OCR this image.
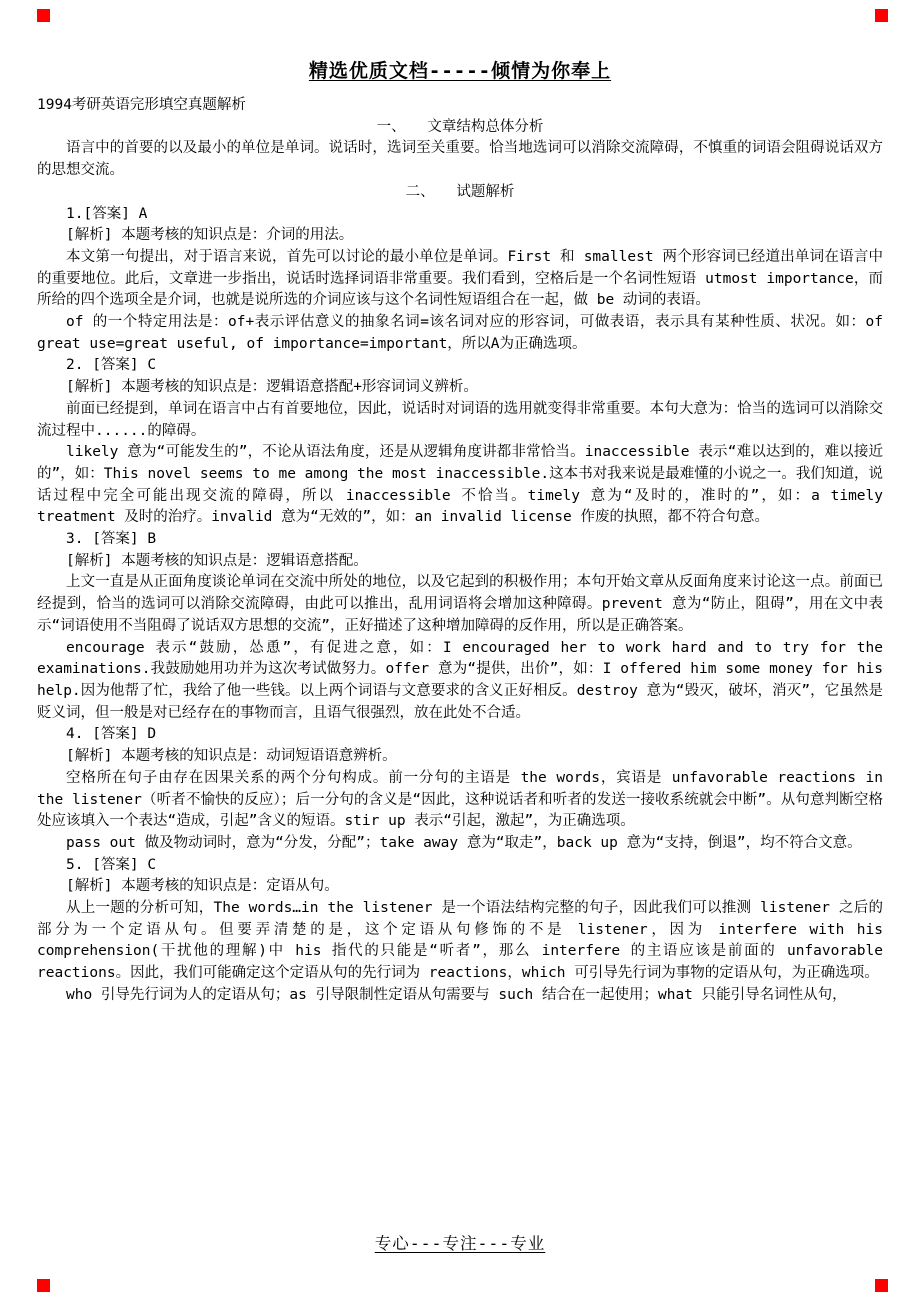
精选优质文档-----倾情为你奉上

1994考研英语完形填空真题解析

一、　　文章结构总体分析

语言中的首要的以及最小的单位是单词。说话时，选词至关重要。恰当地选词可以消除交流障碍，不慎重的词语会阻碍说话双方的思想交流。

二、　　试题解析

1.[答案] A

[解析] 本题考核的知识点是：介词的用法。

本文第一句提出，对于语言来说，首先可以讨论的最小单位是单词。First 和 smallest 两个形容词已经道出单词在语言中的重要地位。此后，文章进一步指出，说话时选择词语非常重要。我们看到，空格后是一个名词性短语 utmost importance，而所给的四个选项全是介词，也就是说所选的介词应该与这个名词性短语组合在一起，做 be 动词的表语。

of 的一个特定用法是：of+表示评估意义的抽象名词=该名词对应的形容词，可做表语，表示具有某种性质、状况。如：of great use=great useful, of importance=important，所以A为正确选项。

2. [答案] C

[解析] 本题考核的知识点是：逻辑语意搭配+形容词词义辨析。

前面已经提到，单词在语言中占有首要地位，因此，说话时对词语的选用就变得非常重要。本句大意为：恰当的选词可以消除交流过程中......的障碍。

likely 意为“可能发生的”，不论从语法角度，还是从逻辑角度讲都非常恰当。inaccessible 表示“难以达到的，难以接近的”，如：This novel seems to me among the most inaccessible.这本书对我来说是最难懂的小说之一。我们知道，说话过程中完全可能出现交流的障碍，所以 inaccessible 不恰当。timely 意为“及时的，准时的”，如：a timely treatment 及时的治疗。invalid 意为“无效的”，如：an invalid license 作废的执照，都不符合句意。

3. [答案] B

[解析] 本题考核的知识点是：逻辑语意搭配。

上文一直是从正面角度谈论单词在交流中所处的地位，以及它起到的积极作用；本句开始文章从反面角度来讨论这一点。前面已经提到，恰当的选词可以消除交流障碍，由此可以推出，乱用词语将会增加这种障碍。prevent 意为“防止，阻碍”，用在文中表示“词语使用不当阻碍了说话双方思想的交流”，正好描述了这种增加障碍的反作用，所以是正确答案。

encourage 表示“鼓励，怂恿”，有促进之意，如：I encouraged her to work hard and to try for the examinations.我鼓励她用功并为这次考试做努力。offer 意为“提供，出价”，如：I offered him some money for his help.因为他帮了忙，我给了他一些钱。以上两个词语与文意要求的含义正好相反。destroy 意为“毁灭，破坏，消灭”，它虽然是贬义词，但一般是对已经存在的事物而言，且语气很强烈，放在此处不合适。

4. [答案] D

[解析] 本题考核的知识点是：动词短语语意辨析。

空格所在句子由存在因果关系的两个分句构成。前一分句的主语是 the words，宾语是 unfavorable reactions in the listener（听者不愉快的反应）；后一分句的含义是“因此，这种说话者和听者的发送一接收系统就会中断”。从句意判断空格处应该填入一个表达“造成，引起”含义的短语。stir up 表示“引起，激起”，为正确选项。

pass out 做及物动词时，意为“分发，分配”；take away 意为“取走”，back up 意为“支持，倒退”，均不符合文意。

5. [答案] C

[解析] 本题考核的知识点是：定语从句。

从上一题的分析可知，The words…in the listener 是一个语法结构完整的句子，因此我们可以推测 listener 之后的部分为一个定语从句。但要弄清楚的是，这个定语从句修饰的不是 listener，因为 interfere with his comprehension(干扰他的理解)中 his 指代的只能是“听者”，那么 interfere 的主语应该是前面的 unfavorable reactions。因此，我们可能确定这个定语从句的先行词为 reactions，which 可引导先行词为事物的定语从句，为正确选项。

who 引导先行词为人的定语从句；as 引导限制性定语从句需要与 such 结合在一起使用；what 只能引导名词性从句，

专心---专注---专业
